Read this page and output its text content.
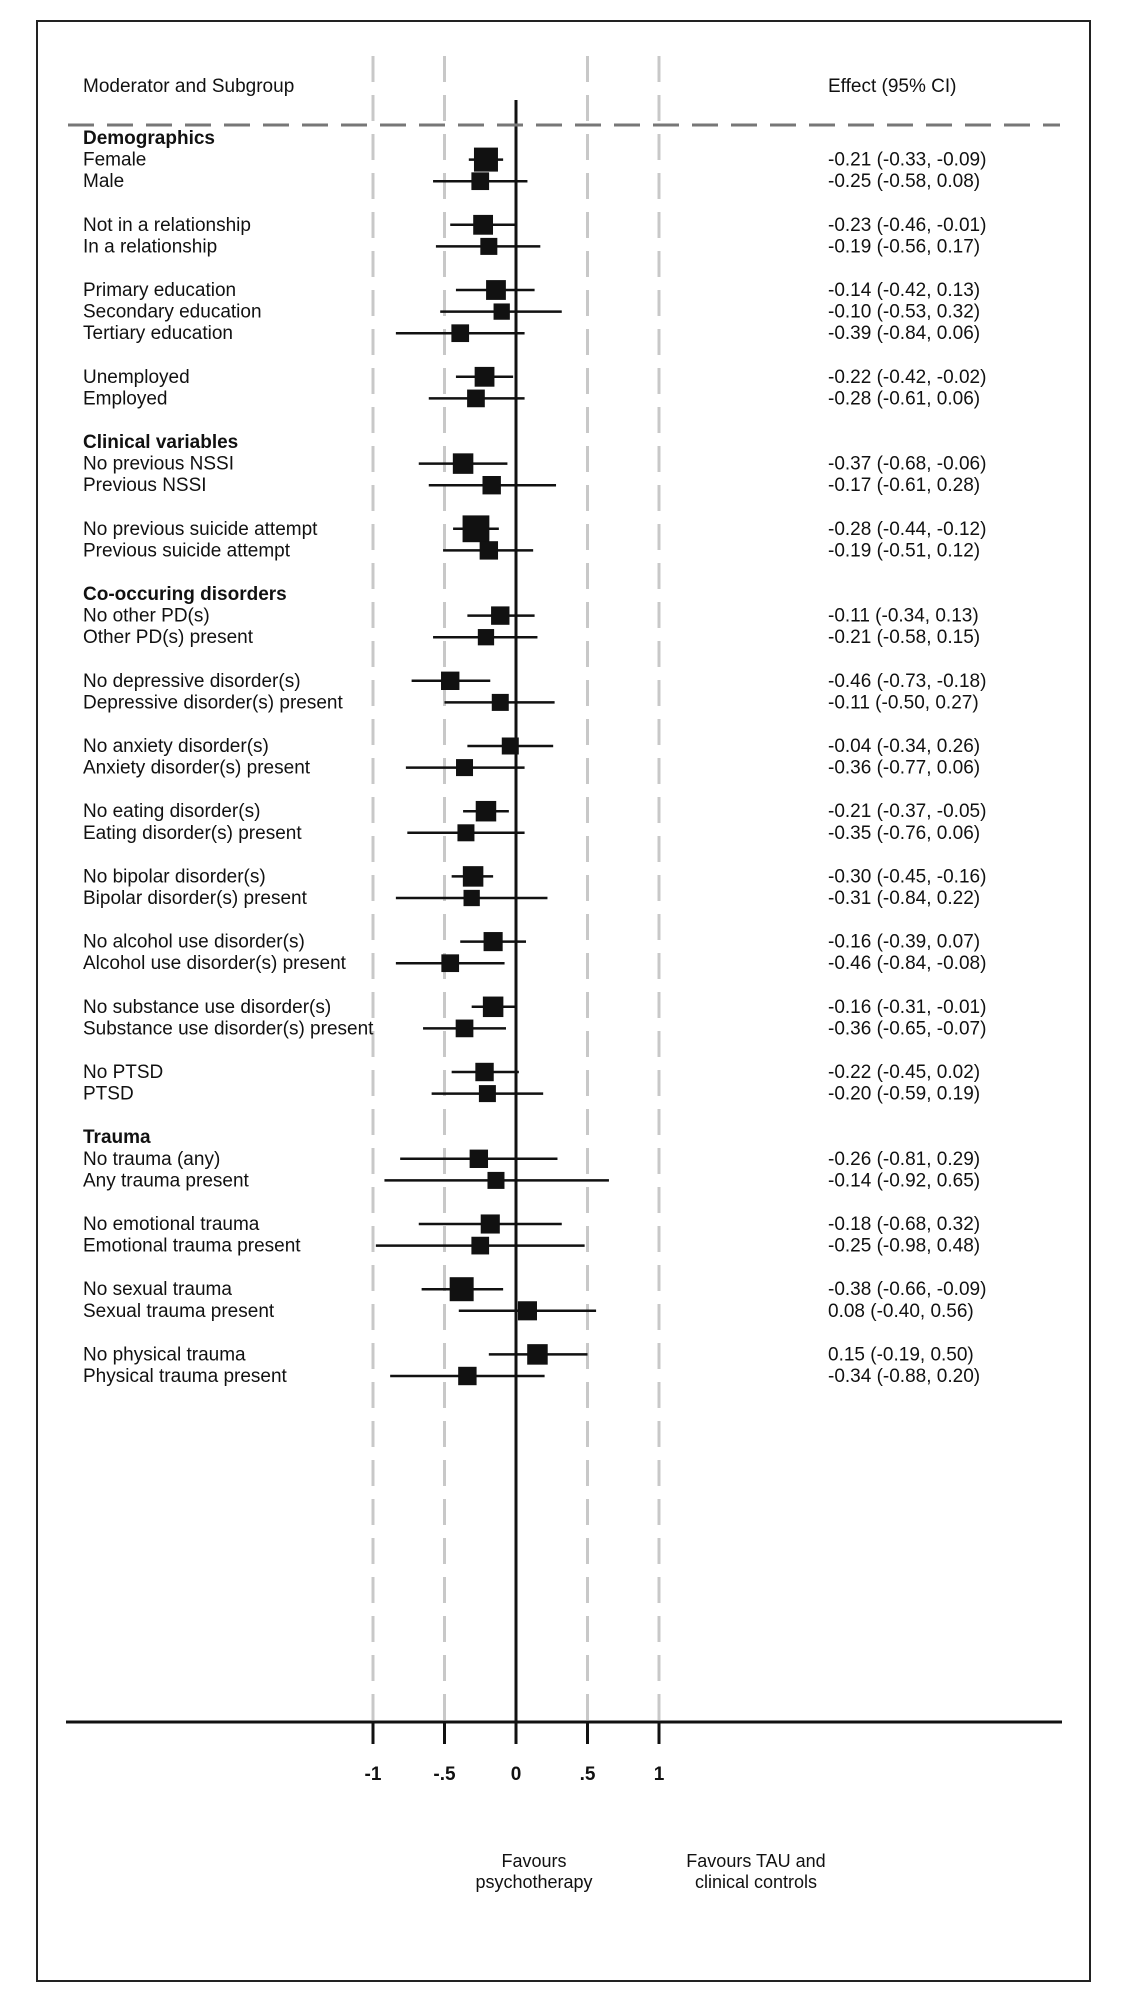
Moderator and Subgroup	Effect (95% CI)
Demographics
Female	-0.21 (-0.33, -0.09)
Male	-0.25 (-0.58, 0.08)
Not in a relationship	-0.23 (-0.46, -0.01)
In a relationship	-0.19 (-0.56, 0.17)
Primary education	-0.14 (-0.42, 0.13)
Secondary education	-0.10 (-0.53, 0.32)
Tertiary education	-0.39 (-0.84, 0.06)
Unemployed	-0.22 (-0.42, -0.02)
Employed	-0.28 (-0.61, 0.06)
Clinical variables
No previous NSSI	-0.37 (-0.68, -0.06)
Previous NSSI	-0.17 (-0.61, 0.28)
No previous suicide attempt	-0.28 (-0.44, -0.12)
Previous suicide attempt	-0.19 (-0.51, 0.12)
Co-occuring disorders
No other PD(s)	-0.11 (-0.34, 0.13)
Other PD(s) present	-0.21 (-0.58, 0.15)
No depressive disorder(s)	-0.46 (-0.73, -0.18)
Depressive disorder(s) present	-0.11 (-0.50, 0.27)
No anxiety disorder(s)	-0.04 (-0.34, 0.26)
Anxiety disorder(s) present	-0.36 (-0.77, 0.06)
No eating disorder(s)	-0.21 (-0.37, -0.05)
Eating disorder(s) present	-0.35 (-0.76, 0.06)
No bipolar disorder(s)	-0.30 (-0.45, -0.16)
Bipolar disorder(s) present	-0.31 (-0.84, 0.22)
No alcohol use disorder(s)	-0.16 (-0.39, 0.07)
Alcohol use disorder(s) present	-0.46 (-0.84, -0.08)
No substance use disorder(s)	-0.16 (-0.31, -0.01)
Substance use disorder(s) present	-0.36 (-0.65, -0.07)
No PTSD	-0.22 (-0.45, 0.02)
PTSD	-0.20 (-0.59, 0.19)
Trauma
No trauma (any)	-0.26 (-0.81, 0.29)
Any trauma present	-0.14 (-0.92, 0.65)
No emotional trauma	-0.18 (-0.68, 0.32)
Emotional trauma present	-0.25 (-0.98, 0.48)
No sexual trauma	-0.38 (-0.66, -0.09)
Sexual trauma present	0.08 (-0.40, 0.56)
No physical trauma	0.15 (-0.19, 0.50)
Physical trauma present	-0.34 (-0.88, 0.20)
-1	-.5	0	.5	1
Favours
psychotherapy
Favours TAU and
clinical controls
